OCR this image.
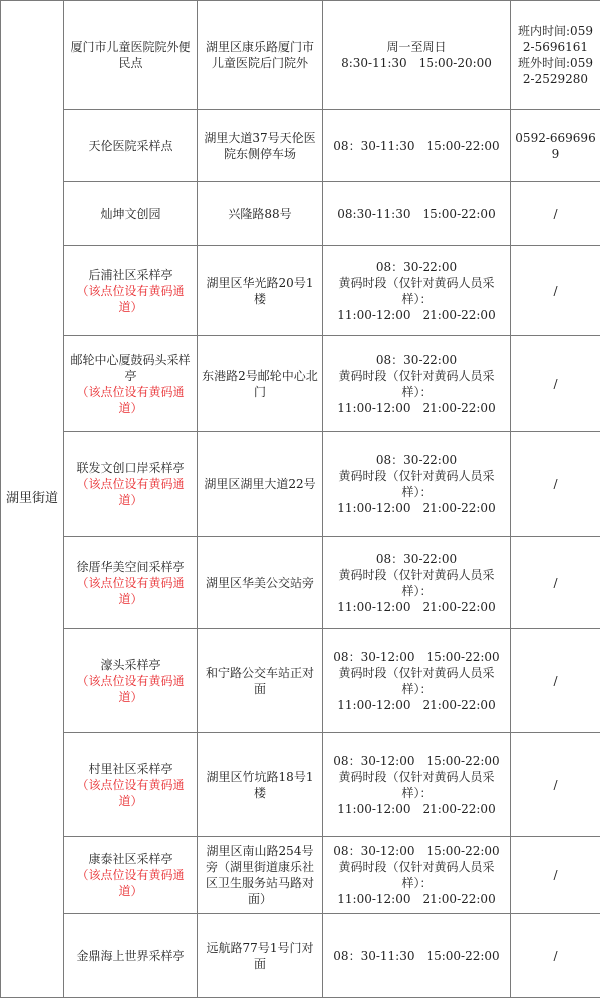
湖里街道	厦门市儿童医院院外便民点	湖里区康乐路厦门市儿童医院后门院外	周一至周日
8:30-11:30　15:00-20:00	班内时间:0592-5696161
班外时间:0592-2529280

	天伦医院采样点	湖里大道37号天伦医院东侧停车场	08：30-11:30　15:00-22:00	0592-6696969

	灿坤文创园	兴隆路88号	08:30-11:30　15:00-22:00	/

	后浦社区采样亭
（该点位设有黄码通道）	湖里区华光路20号1楼	08：30-22:00
黄码时段（仅针对黄码人员采样）：
11:00-12:00　21:00-22:00	/

	邮轮中心厦鼓码头采样亭
（该点位设有黄码通道）	东港路2号邮轮中心北门	08：30-22:00
黄码时段（仅针对黄码人员采样）：
11:00-12:00　21:00-22:00	/

	联发文创口岸采样亭
（该点位设有黄码通道）	湖里区湖里大道22号	08：30-22:00
黄码时段（仅针对黄码人员采样）：
11:00-12:00　21:00-22:00	/

	徐厝华美空间采样亭
（该点位设有黄码通道）	湖里区华美公交站旁	08：30-22:00
黄码时段（仅针对黄码人员采样）：
11:00-12:00　21:00-22:00	/

	濠头采样亭
（该点位设有黄码通道）	和宁路公交车站正对面	08：30-12:00　15:00-22:00
黄码时段（仅针对黄码人员采样）：
11:00-12:00　21:00-22:00	/

	村里社区采样亭
（该点位设有黄码通道）	湖里区竹坑路18号1楼	08：30-12:00　15:00-22:00
黄码时段（仅针对黄码人员采样）：
11:00-12:00　21:00-22:00	/

	康泰社区采样亭
（该点位设有黄码通道）	湖里区南山路254号旁（湖里街道康乐社区卫生服务站马路对面）	08：30-12:00　15:00-22:00
黄码时段（仅针对黄码人员采样）：
11:00-12:00　21:00-22:00	/

	金鼎海上世界采样亭	远航路77号1号门对面	08：30-11:30　15:00-22:00	/
